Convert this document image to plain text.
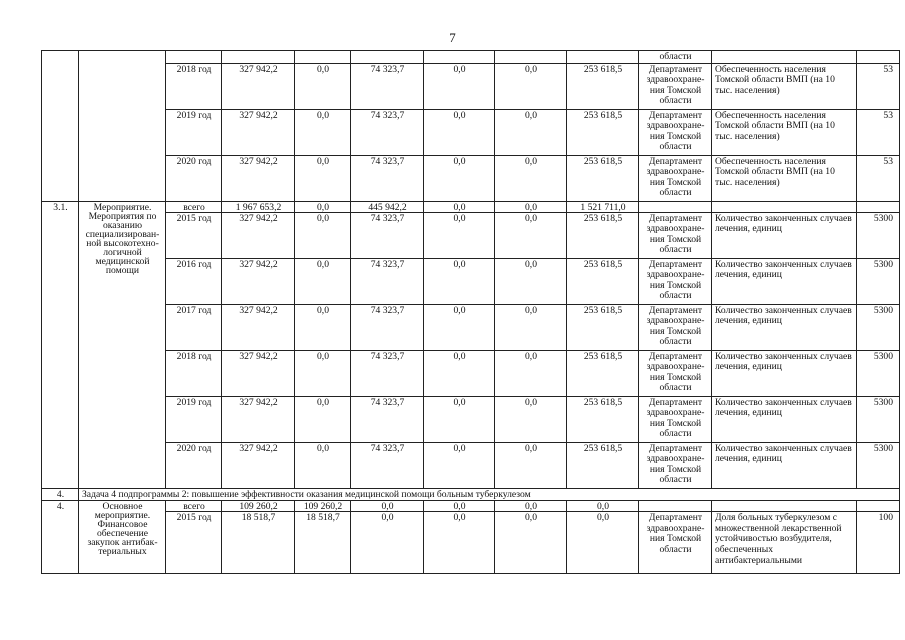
7
									области		
		2018 год	327 942,2	0,0	74 323,7	0,0	0,0	253 618,5	Департамент здравоохране-ния Томской области	Обеспеченность населения Томской области ВМП (на 10 тыс. населения)	53
		2019 год	327 942,2	0,0	74 323,7	0,0	0,0	253 618,5	Департамент здравоохране-ния Томской области	Обеспеченность населения Томской области ВМП (на 10 тыс. населения)	53
		2020 год	327 942,2	0,0	74 323,7	0,0	0,0	253 618,5	Департамент здравоохране-ния Томской области	Обеспеченность населения Томской области ВМП (на 10 тыс. населения)	53
3.1.	Мероприятие. Мероприятия по оказанию специализирован-ной высокотехно-логичной медицинской помощи	всего	1 967 653,2	0,0	445 942,2	0,0	0,0	1 521 711,0			
		2015 год	327 942,2	0,0	74 323,7	0,0	0,0	253 618,5	Департамент здравоохране-ния Томской области	Количество законченных случаев лечения, единиц	5300
		2016 год	327 942,2	0,0	74 323,7	0,0	0,0	253 618,5	Департамент здравоохране-ния Томской области	Количество законченных случаев лечения, единиц	5300
		2017 год	327 942,2	0,0	74 323,7	0,0	0,0	253 618,5	Департамент здравоохране-ния Томской области	Количество законченных случаев лечения, единиц	5300
		2018 год	327 942,2	0,0	74 323,7	0,0	0,0	253 618,5	Департамент здравоохране-ния Томской области	Количество законченных случаев лечения, единиц	5300
		2019 год	327 942,2	0,0	74 323,7	0,0	0,0	253 618,5	Департамент здравоохране-ния Томской области	Количество законченных случаев лечения, единиц	5300
		2020 год	327 942,2	0,0	74 323,7	0,0	0,0	253 618,5	Департамент здравоохране-ния Томской области	Количество законченных случаев лечения, единиц	5300
4.	Задача 4 подпрограммы 2: повышение эффективности оказания медицинской помощи больным туберкулезом										
4.	Основное мероприятие. Финансовое обеспечение закупок антибак-териальных	всего	109 260,2	109 260,2	0,0	0,0	0,0	0,0			
		2015 год	18 518,7	18 518,7	0,0	0,0	0,0	0,0	Департамент здравоохране-ния Томской области	Доля больных туберкулезом с множественной лекарственной устойчивостью возбудителя, обеспеченных антибактериальными	100
